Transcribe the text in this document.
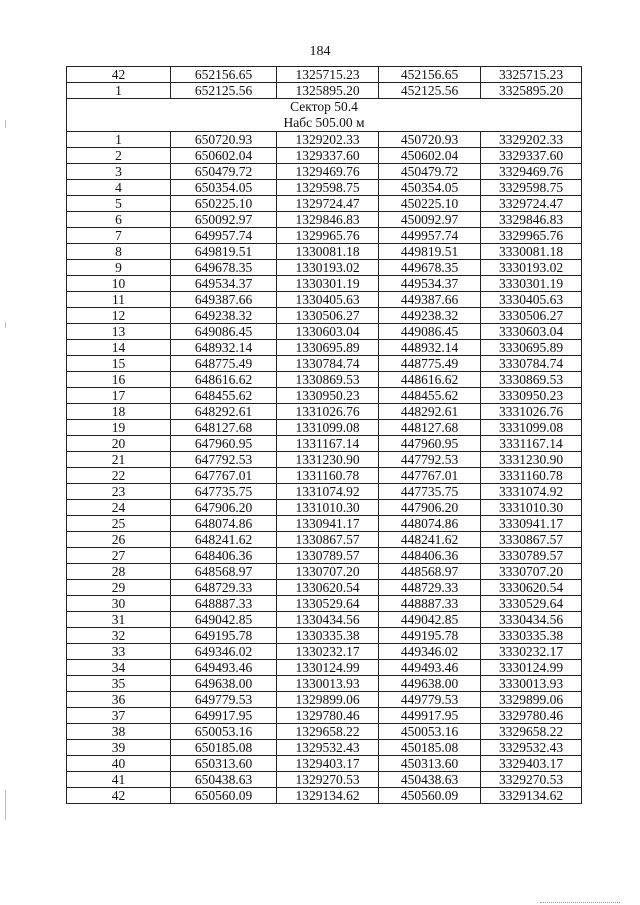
184
42	652156.65	1325715.23	452156.65	3325715.23
1	652125.56	1325895.20	452125.56	3325895.20

Сектор 50.4
Набс 505.00 м				

1	650720.93	1329202.33	450720.93	3329202.33
2	650602.04	1329337.60	450602.04	3329337.60
3	650479.72	1329469.76	450479.72	3329469.76
4	650354.05	1329598.75	450354.05	3329598.75
5	650225.10	1329724.47	450225.10	3329724.47
6	650092.97	1329846.83	450092.97	3329846.83
7	649957.74	1329965.76	449957.74	3329965.76
8	649819.51	1330081.18	449819.51	3330081.18
9	649678.35	1330193.02	449678.35	3330193.02
10	649534.37	1330301.19	449534.37	3330301.19
11	649387.66	1330405.63	449387.66	3330405.63
12	649238.32	1330506.27	449238.32	3330506.27
13	649086.45	1330603.04	449086.45	3330603.04
14	648932.14	1330695.89	448932.14	3330695.89
15	648775.49	1330784.74	448775.49	3330784.74
16	648616.62	1330869.53	448616.62	3330869.53
17	648455.62	1330950.23	448455.62	3330950.23
18	648292.61	1331026.76	448292.61	3331026.76
19	648127.68	1331099.08	448127.68	3331099.08
20	647960.95	1331167.14	447960.95	3331167.14
21	647792.53	1331230.90	447792.53	3331230.90
22	647767.01	1331160.78	447767.01	3331160.78
23	647735.75	1331074.92	447735.75	3331074.92
24	647906.20	1331010.30	447906.20	3331010.30
25	648074.86	1330941.17	448074.86	3330941.17
26	648241.62	1330867.57	448241.62	3330867.57
27	648406.36	1330789.57	448406.36	3330789.57
28	648568.97	1330707.20	448568.97	3330707.20
29	648729.33	1330620.54	448729.33	3330620.54
30	648887.33	1330529.64	448887.33	3330529.64
31	649042.85	1330434.56	449042.85	3330434.56
32	649195.78	1330335.38	449195.78	3330335.38
33	649346.02	1330232.17	449346.02	3330232.17
34	649493.46	1330124.99	449493.46	3330124.99
35	649638.00	1330013.93	449638.00	3330013.93
36	649779.53	1329899.06	449779.53	3329899.06
37	649917.95	1329780.46	449917.95	3329780.46
38	650053.16	1329658.22	450053.16	3329658.22
39	650185.08	1329532.43	450185.08	3329532.43
40	650313.60	1329403.17	450313.60	3329403.17
41	650438.63	1329270.53	450438.63	3329270.53
42	650560.09	1329134.62	450560.09	3329134.62
